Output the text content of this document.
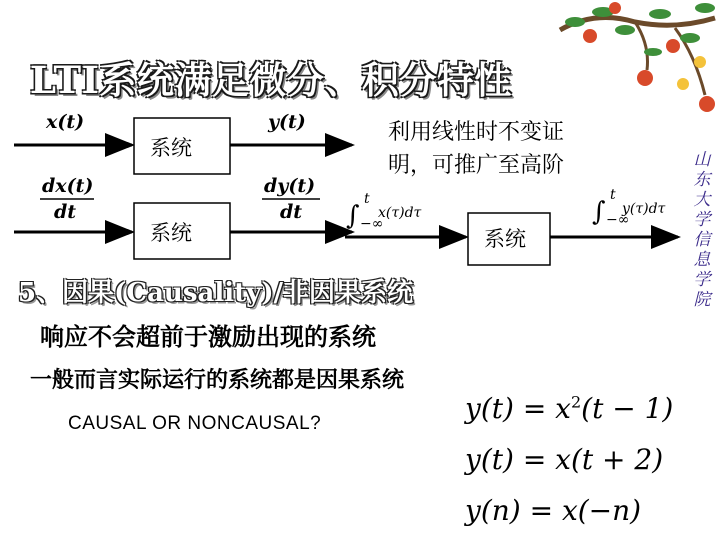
LTI系统满足微分、积分特性
系统
系统	系统
x(t)	y(t)
dx(t)
dt
dy(t)
dt ∫
t
−∞
x(τ)dτ	∫
t
−∞
y(τ)dτ
利用线性时不变证
明，可推广至高阶	山东大学信息学院
5、因果(Causality)/非因果系统
响应不会超前于激励出现的系统
一般而言实际运行的系统都是因果系统
CAUSAL OR NONCAUSAL?	$y(t) = x^2(t - 1)$
y(t) = x(t + 2)
y(n) = x(−n)
